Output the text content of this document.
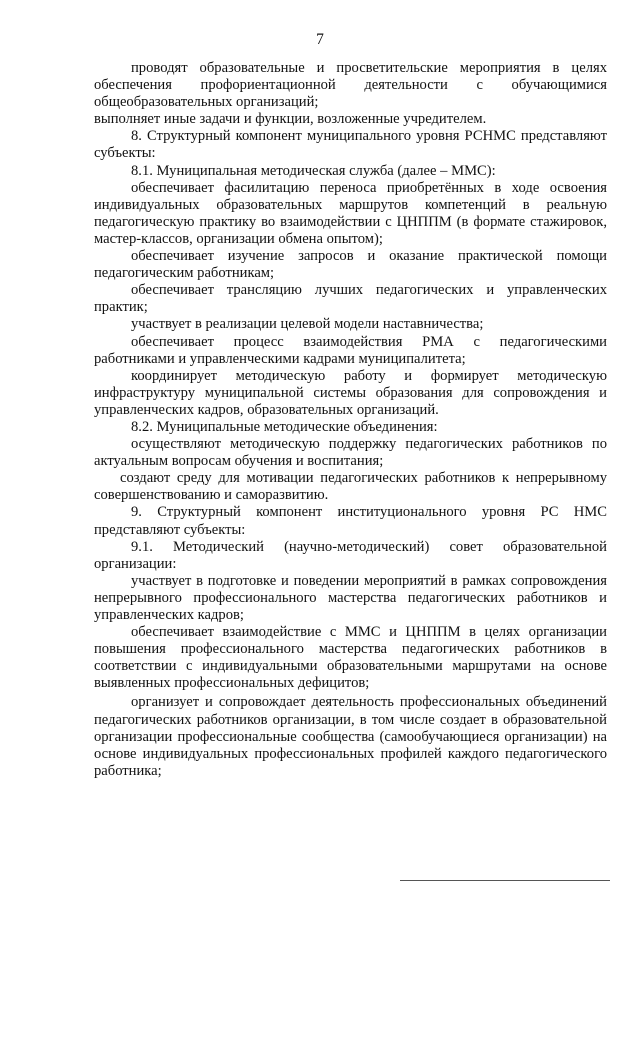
7

проводят образовательные и просветительские мероприятия в целях обеспечения профориентационной деятельности с обучающимися общеобразовательных организаций;

выполняет иные задачи и функции, возложенные учредителем.

8. Структурный компонент муниципального уровня РСНМС представляют субъекты:

8.1. Муниципальная методическая служба (далее – ММС):

обеспечивает фасилитацию переноса приобретённых в ходе освоения индивидуальных образовательных маршрутов компетенций в реальную педагогическую практику во взаимодействии с ЦНППМ (в формате стажировок, мастер-классов, организации обмена опытом);

обеспечивает изучение запросов и оказание практической помощи педагогическим работникам;

обеспечивает трансляцию лучших педагогических и управленческих практик;

участвует в реализации целевой модели наставничества;

обеспечивает процесс взаимодействия РМА с педагогическими работниками и управленческими кадрами муниципалитета;

координирует методическую работу и формирует методическую инфраструктуру муниципальной системы образования для сопровождения и управленческих кадров, образовательных организаций.

8.2. Муниципальные методические объединения:

осуществляют методическую поддержку педагогических работников по актуальным вопросам обучения и воспитания;

создают среду для мотивации педагогических работников к непрерывному совершенствованию и саморазвитию.

9. Структурный компонент институционального уровня РС НМС представляют субъекты:

9.1. Методический (научно-методический) совет образовательной организации:

участвует в подготовке и поведении мероприятий в рамках сопровождения непрерывного профессионального мастерства педагогических работников и управленческих кадров;

обеспечивает взаимодействие с ММС и ЦНППМ в целях организации повышения профессионального мастерства педагогических работников в соответствии с индивидуальными образовательными маршрутами на основе выявленных профессиональных дефицитов;

организует и сопровождает деятельность профессиональных объединений педагогических работников организации, в том числе создает в образовательной организации профессиональные сообщества (самообучающиеся организации) на основе индивидуальных профессиональных профилей каждого педагогического работника;
